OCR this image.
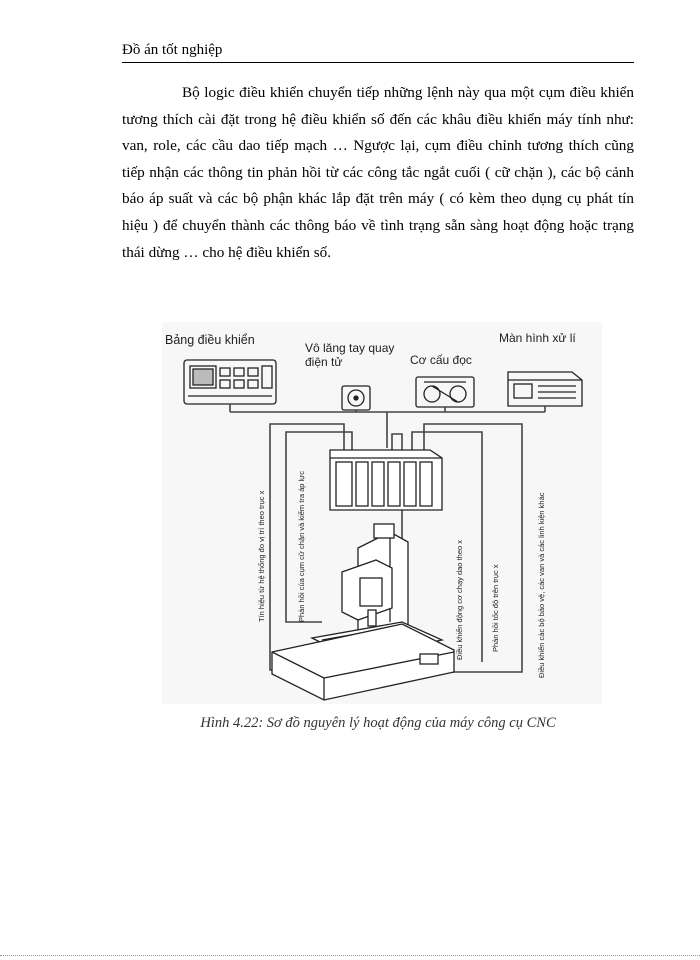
Đồ án tốt nghiệp

Bộ logic điều khiển chuyển tiếp những lệnh này qua một cụm điều khiển tương thích cài đặt trong hệ điều khiển số đến các khâu điều khiển máy tính như: van, role, các cầu dao tiếp mạch … Ngược lại, cụm điều chỉnh tương thích cũng tiếp nhận các thông tin phản hồi từ các công tắc ngắt cuối ( cữ chặn ), các bộ cảnh báo áp suất và các bộ phận khác lắp đặt trên máy ( có kèm theo dụng cụ phát tín hiệu ) để chuyển thành các thông báo về tình trạng sẵn sàng hoạt động hoặc trạng thái dừng … cho hệ điều khiển số.

Bảng điều khiển
Vô lăng tay quay
điện tử	Cơ cấu đọc
Màn hình xử lí
Tín hiệu từ hệ thống đo vị trí theo trục x	Phản hồi của cụm cữ chặn và kiểm tra áp lực	Điều khiển động cơ chạy dao theo x	Phản hồi tốc độ trên trục x	Điều khiển các bộ bảo vệ, các van và các linh kiện khác
Hình 4.22: Sơ đồ nguyên lý hoạt động của máy công cụ CNC
